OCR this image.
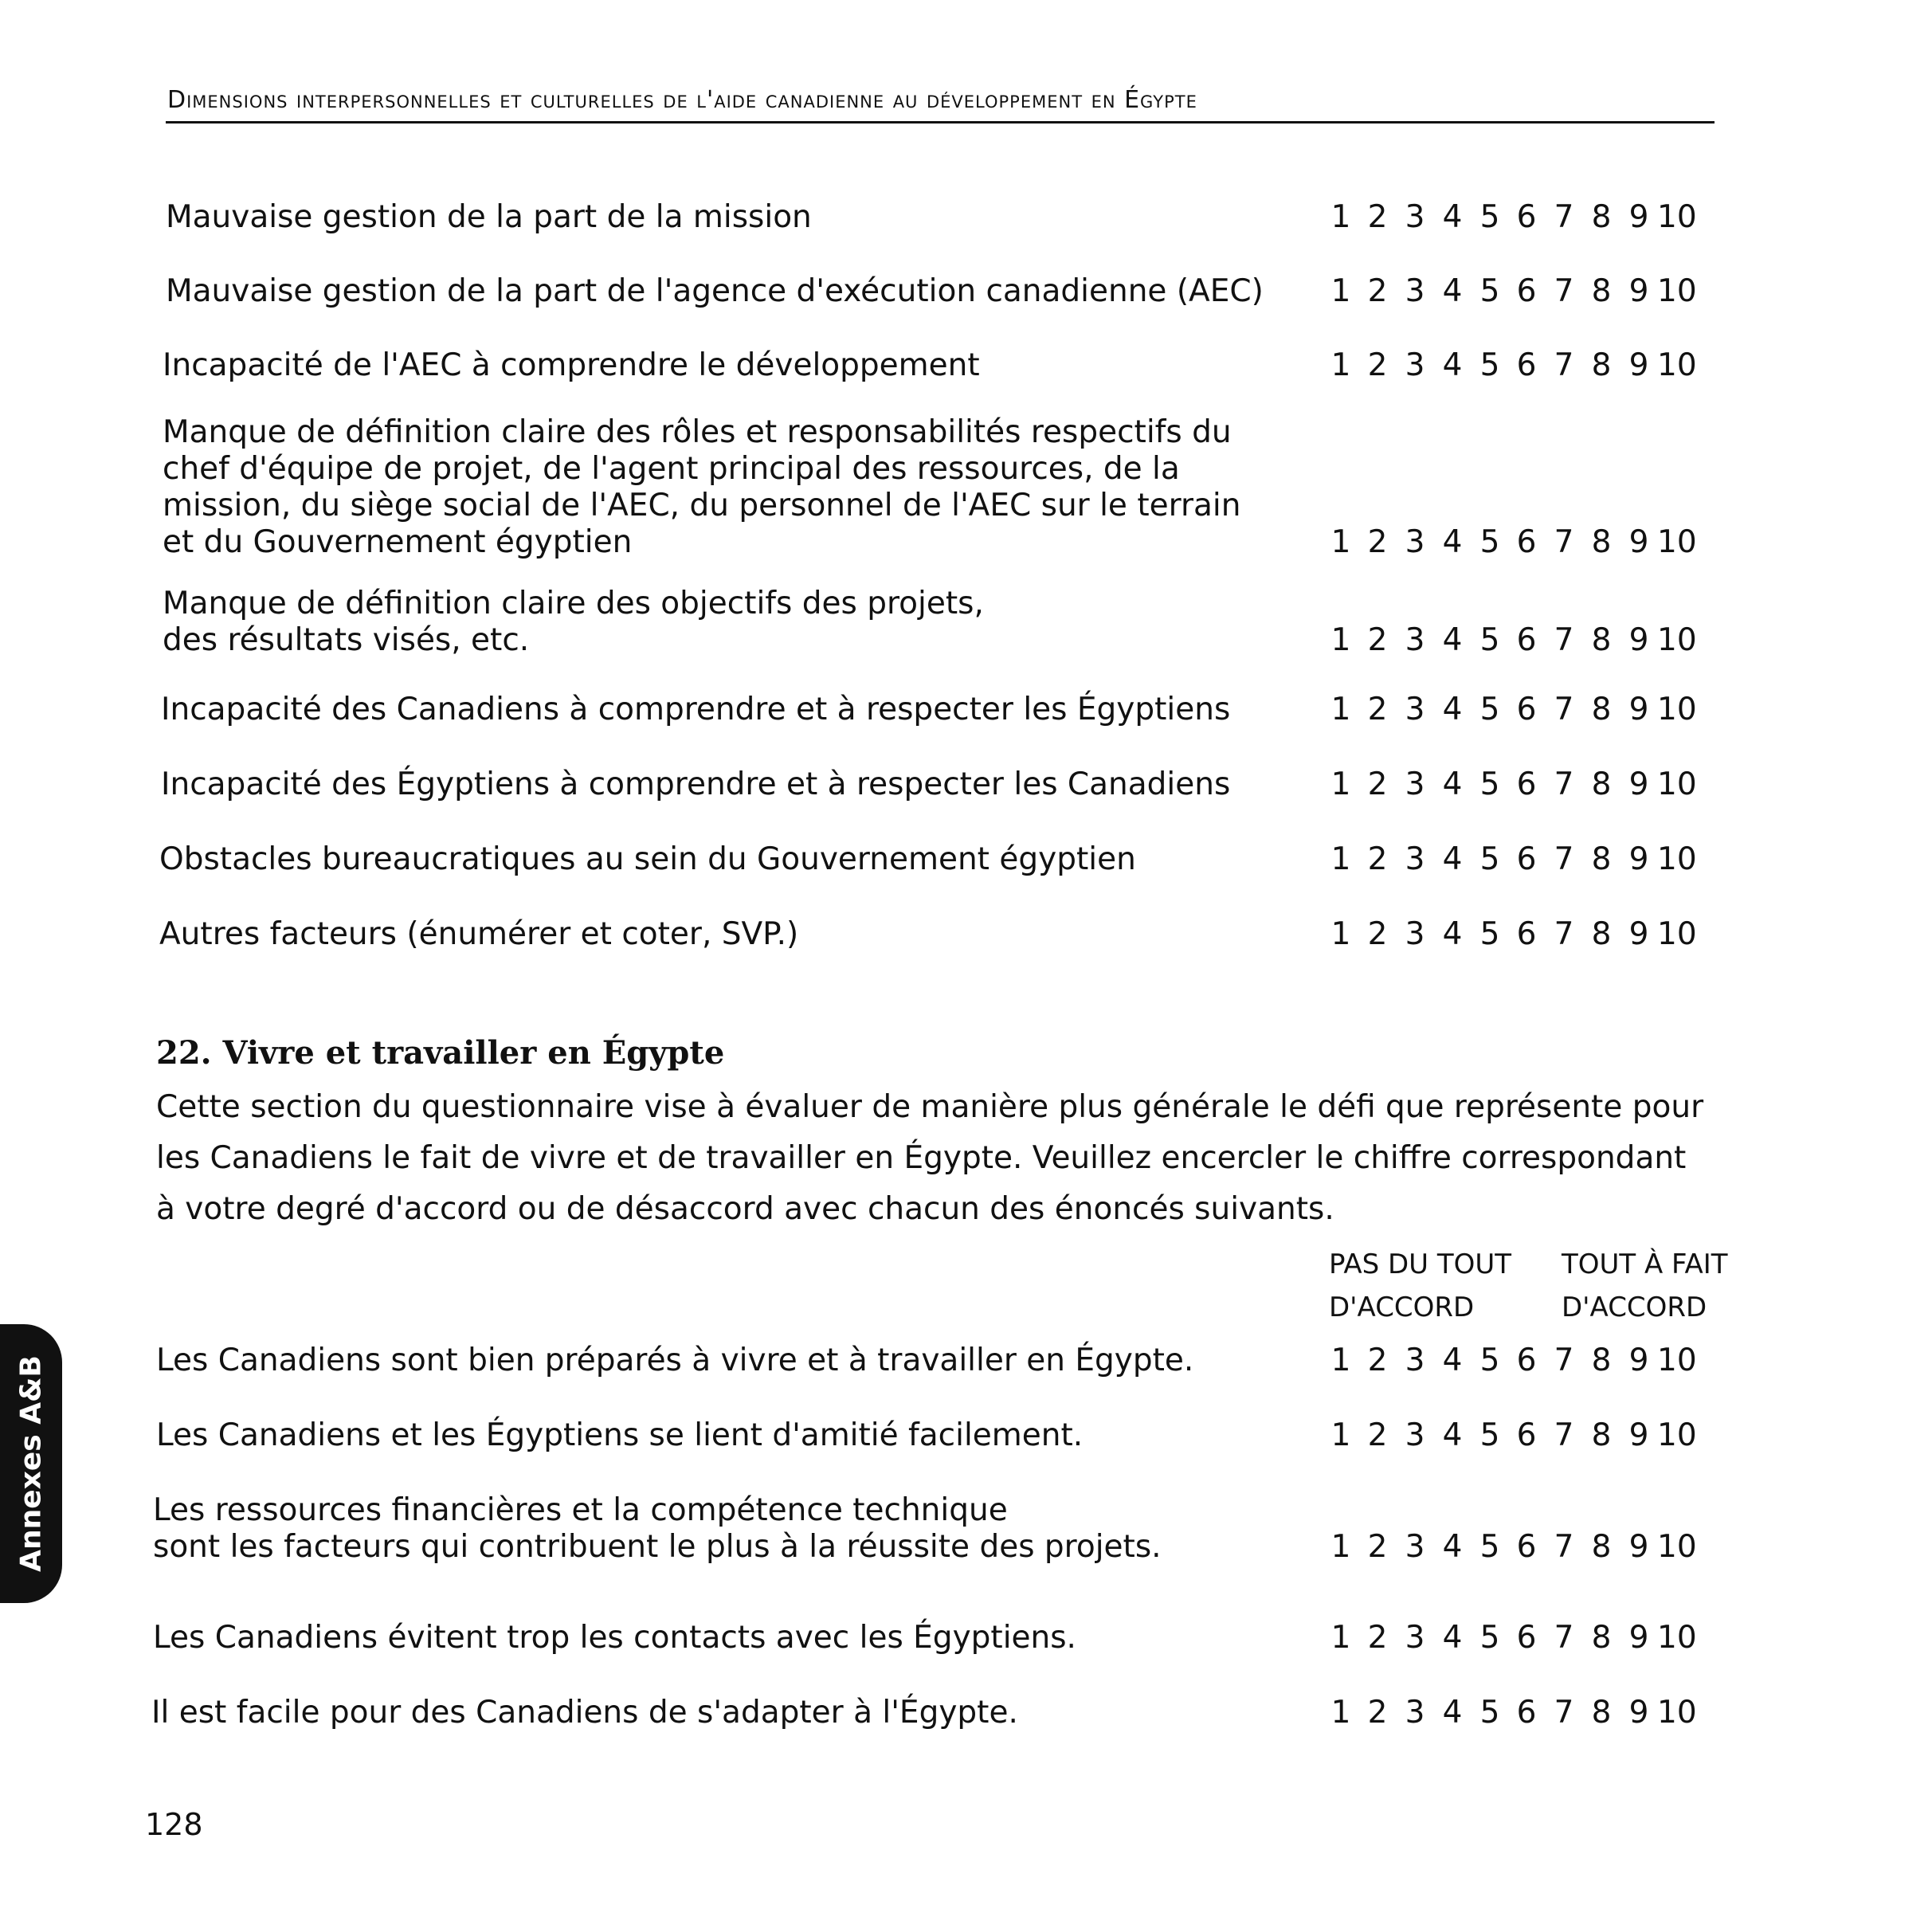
Dimensions interpersonnelles et culturelles de l'aide canadienne au développement en Égypte
Mauvaise gestion de la part de la mission	1 2 3 4 5 6 7 8 9 10
Mauvaise gestion de la part de l'agence d'exécution canadienne (AEC) 1 2 3 4 5 6 7 8 9 10
Incapacité de l'AEC à comprendre le développement	1 2 3 4 5 6 7 8 9 10
Manque de définition claire des rôles et responsabilités respectifs du
chef d'équipe de projet, de l'agent principal des ressources, de la
mission, du siège social de l'AEC, du personnel de l'AEC sur le terrain
et du Gouvernement égyptien	1 2 3 4 5 6 7 8 9 10
Manque de définition claire des objectifs des projets,
des résultats visés, etc.	1 2 3 4 5 6 7 8 9 10
Incapacité des Canadiens à comprendre et à respecter les Égyptiens	1 2 3 4 5 6 7 8 9 10
Incapacité des Égyptiens à comprendre et à respecter les Canadiens	1 2 3 4 5 6 7 8 9 10
Obstacles bureaucratiques au sein du Gouvernement égyptien	1 2 3 4 5 6 7 8 9 10
Autres facteurs (énumérer et coter, SVP.)	1 2 3 4 5 6 7 8 9 10
22. Vivre et travailler en Égypte
Cette section du questionnaire vise à évaluer de manière plus générale le défi que représente pour
les Canadiens le fait de vivre et de travailler en Égypte. Veuillez encercler le chiffre correspondant
à votre degré d'accord ou de désaccord avec chacun des énoncés suivants.
PAS DU TOUT
D'ACCORD
TOUT À FAIT
D'ACCORD
Les Canadiens sont bien préparés à vivre et à travailler en Égypte.	1 2 3 4 5 6 7 8 9 10
Les Canadiens et les Égyptiens se lient d'amitié facilement.	1 2 3 4 5 6 7 8 9 10
Les ressources financières et la compétence technique
sont les facteurs qui contribuent le plus à la réussite des projets.	1 2 3 4 5 6 7 8 9 10
Les Canadiens évitent trop les contacts avec les Égyptiens.	1 2 3 4 5 6 7 8 9 10
Il est facile pour des Canadiens de s'adapter à l'Égypte.	1 2 3 4 5 6 7 8 9 10
Annexes A&B
128
